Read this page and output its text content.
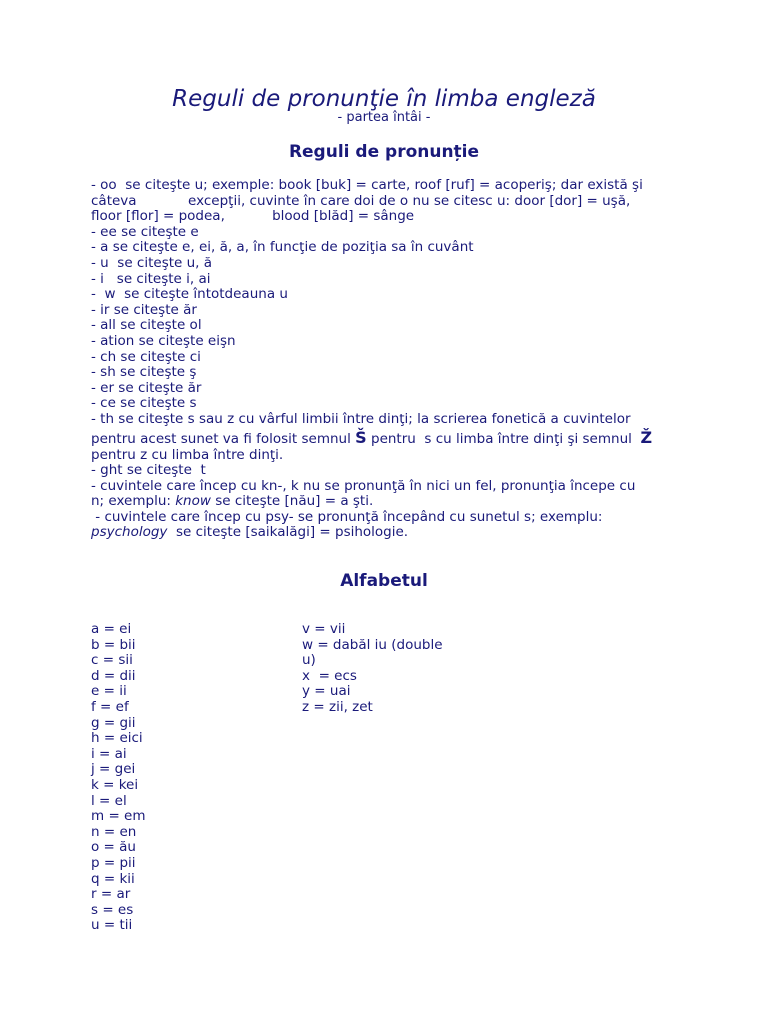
Reguli de pronunţie în limba engleză
- partea întâi -
Reguli de pronunție
- oo  se citeşte u; exemple: book [buk] = carte, roof [ruf] = acoperiş; dar există şi
câteva            excepţii, cuvinte în care doi de o nu se citesc u: door [dor] = uşă,
floor [flor] = podea,           blood [blăd] = sânge
- ee se citeşte e
- a se citeşte e, ei, ă, a, în funcţie de poziţia sa în cuvânt
- u  se citeşte u, ă
- i   se citeşte i, ai
-  w  se citeşte întotdeauna u
- ir se citeşte ăr
- all se citeşte ol
- ation se citeşte eişn
- ch se citeşte ci
- sh se citeşte ş
- er se citeşte ăr
- ce se citeşte s
- th se citeşte s sau z cu vârful limbii între dinţi; la scrierea fonetică a cuvintelor
pentru acest sunet va fi folosit semnul Š pentru  s cu limba între dinţi şi semnul  Ž
pentru z cu limba între dinţi.
- ght se citeşte  t
- cuvintele care încep cu kn-, k nu se pronunţă în nici un fel, pronunţia începe cu
n; exemplu: know se citeşte [nău] = a şti.
- cuvintele care încep cu psy- se pronunţă începând cu sunetul s; exemplu:
psychology  se citeşte [saikalăgi] = psihologie.
Alfabetul
a = ei
b = bii
c = sii
d = dii
e = ii
f = ef
g = gii
h = eici
i = ai
j = gei
k = kei
l = el
m = em
n = en
o = ău
p = pii
q = kii
r = ar
s = es
u = tii
v = vii
w = dabăl iu (double
u)
x  = ecs
y = uai
z = zii, zet
